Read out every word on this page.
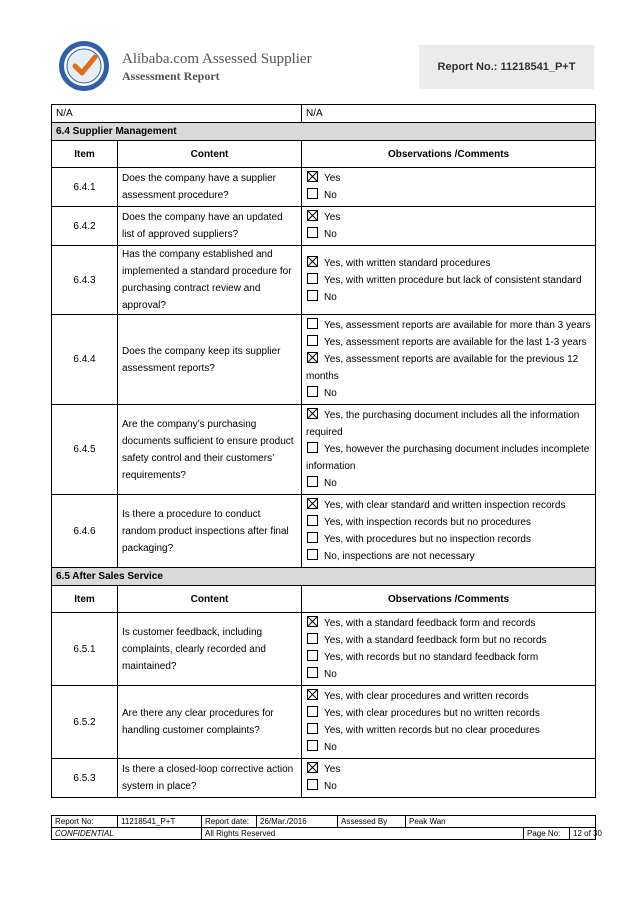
Alibaba.com Assessed Supplier
Assessment Report
Report No.:
11218541_P+T
N/A		N/A
6.4 Supplier Management		
Item	Content	Observations /Comments
6.4.1	Does the company have a supplier assessment procedure?	Yes
No

6.4.2	Does the company have an updated list of approved suppliers?	Yes
No

6.4.3	Has the company established and implemented a standard procedure for purchasing contract review and approval?	Yes, with written standard procedures
Yes, with written procedure but lack of consistent standard
No

6.4.4	Does the company keep its supplier assessment reports?	Yes, assessment reports are available for more than 3 years
Yes, assessment reports are available for the last 1-3 years
Yes, assessment reports are available for the previous 12 months
No

6.4.5	Are the company’s purchasing documents sufficient to ensure product safety control and their customers’ requirements?	Yes, the purchasing document includes all the information required
Yes, however the purchasing document includes incomplete information
No

6.4.6	Is there a procedure to conduct random product inspections after final packaging?	Yes, with clear standard and written inspection records
Yes, with inspection records but no procedures
Yes, with procedures but no inspection records
No, inspections are not necessary

6.5 After Sales Service		
Item	Content	Observations /Comments
6.5.1	Is customer feedback, including complaints, clearly recorded and maintained?	Yes, with a standard feedback form and records
Yes, with a standard feedback form but no records
Yes, with records but no standard feedback form
No

6.5.2	Are there any clear procedures for handling customer complaints?	Yes, with clear procedures and written records
Yes, with clear procedures but no written records
Yes, with written records but no clear procedures
No

6.5.3	Is there a closed-loop corrective action system in place?	Yes
No
Report No:	11218541_P+T	Report date:	26/Mar./2016	Assessed By	Peak Wan		
CONFIDENTIAL		All Rights Reserved				Page No:	12 of 30
